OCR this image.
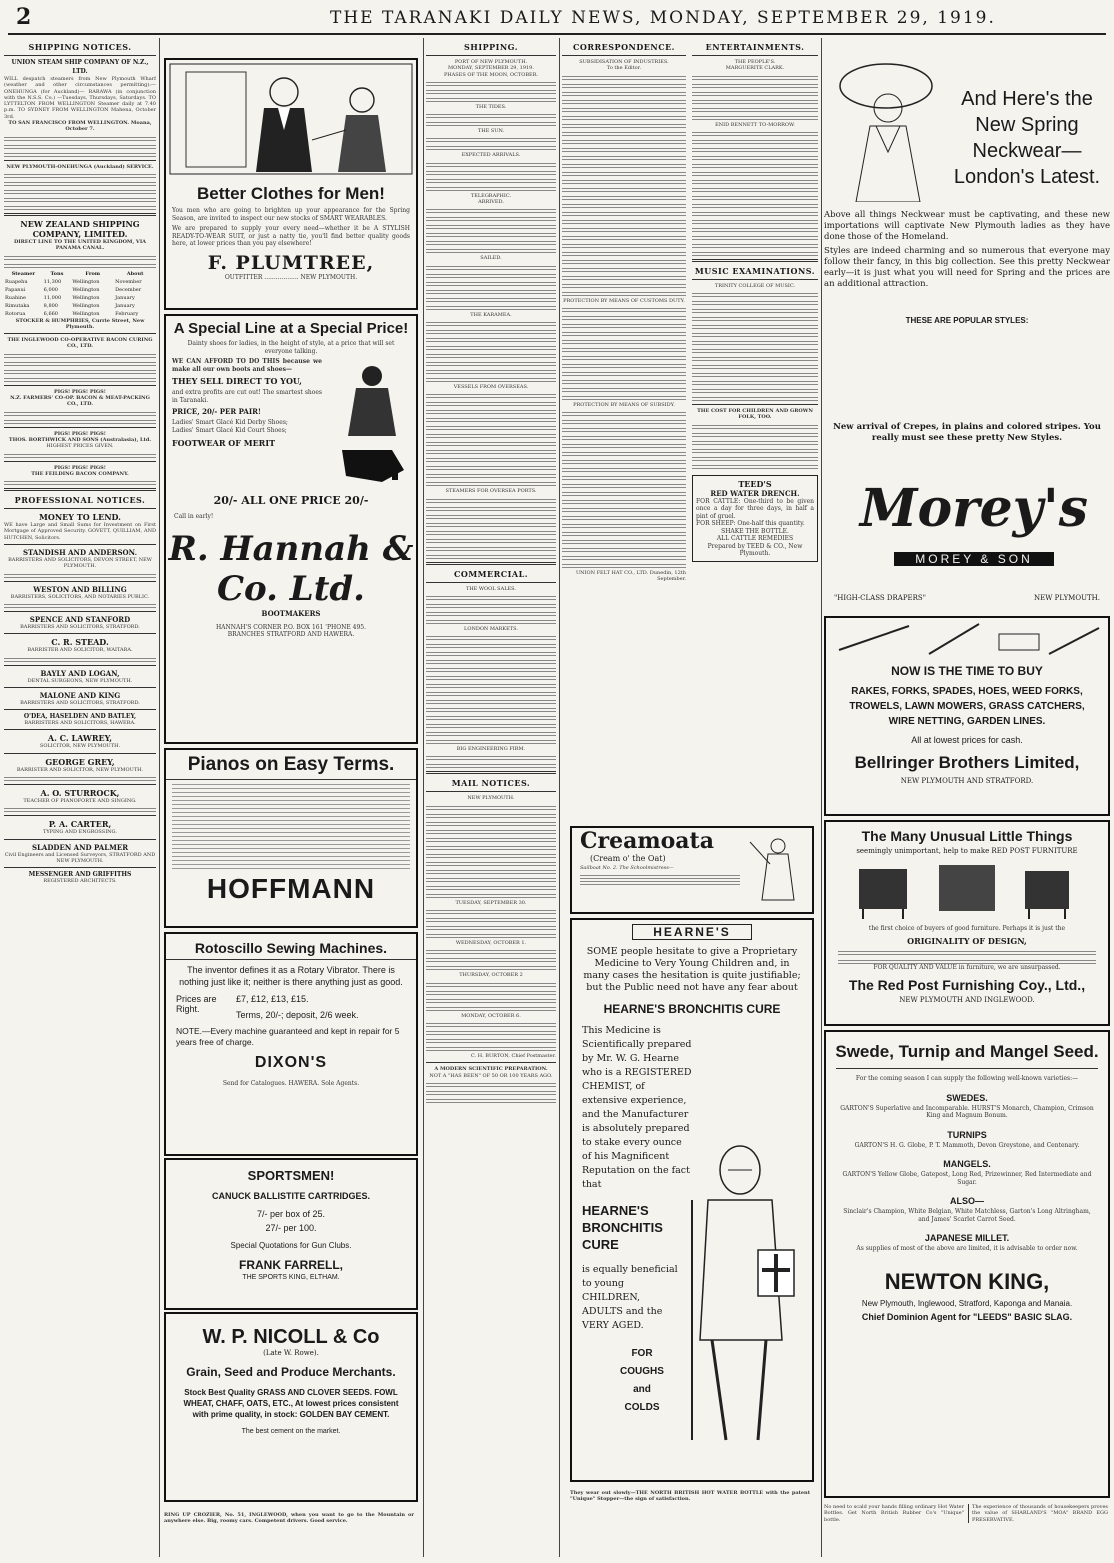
2	THE TARANAKI DAILY NEWS, MONDAY, SEPTEMBER 29, 1919.
SHIPPING NOTICES.
UNION STEAM SHIP COMPANY OF N.Z., LTD.
WILL despatch steamers from New Plymouth Wharf (weather and other circumstances permitting):— ONEHUNGA (for Auckland)— RARAWA (in conjunction with the N.S.S. Co.) —Tuesdays, Thursdays, Saturdays. TO LYTTELTON FROM WELLINGTON Steamer daily at 7.40 p.m. TO SYDNEY FROM WELLINGTON Mahena, October 3rd.
TO SAN FRANCISCO FROM WELLINGTON. Moana, October 7.
NEW PLYMOUTH-ONEHUNGA (Auckland) SERVICE.
NEW ZEALAND SHIPPING COMPANY, LIMITED.
DIRECT LINE TO THE UNITED KINGDOM, VIA PANAMA CANAL.
Steamer	Tons	From	About
Ruapehu	11,300	Wellington	November
Papanui	6,000	Wellington	December
Ruahine	11,000	Wellington	January
Rimutaka	8,800	Wellington	January
Rotorua	6,660	Wellington	February
STOCKER & HUMPHRIES, Currie Street, New Plymouth.
THE INGLEWOOD CO-OPERATIVE BACON CURING CO., LTD.
PIGS! PIGS! PIGS!
N.Z. FARMERS' CO-OP. BACON & MEAT-PACKING CO., LTD.
PIGS! PIGS! PIGS!
THOS. BORTHWICK AND SONS (Australasia), Ltd.
HIGHEST PRICES GIVEN.
PIGS! PIGS! PIGS!
THE FEILDING BACON COMPANY.
PROFESSIONAL NOTICES.
MONEY TO LEND.
WE have Large and Small Sums for Investment on First Mortgage of Approved Security. GOVETT, QUILLIAM, AND HUTCHEN, Solicitors.
STANDISH AND ANDERSON.
BARRISTERS AND SOLICITORS, DEVON STREET, NEW PLYMOUTH.
WESTON AND BILLING
BARRISTERS, SOLICITORS, AND NOTARIES PUBLIC.
SPENCE AND STANFORD
BARRISTERS AND SOLICITORS, STRATFORD.
C. R. STEAD.
BARRISTER AND SOLICITOR, WAITARA.
BAYLY AND LOGAN,
DENTAL SURGEONS, NEW PLYMOUTH.
MALONE AND KING
BARRISTERS AND SOLICITORS, STRATFORD.
O'DEA, HASELDEN AND BATLEY,
BARRISTERS AND SOLICITORS, HAWERA.
A. C. LAWREY,
SOLICITOR, NEW PLYMOUTH.
GEORGE GREY,
BARRISTER AND SOLICITOR, NEW PLYMOUTH.
A. O. STURROCK,
TEACHER OF PIANOFORTE AND SINGING.
P. A. CARTER,
TYPING AND ENGROSSING.
SLADDEN AND PALMER
Civil Engineers and Licensed Surveyors, STRATFORD AND NEW PLYMOUTH.
MESSENGER AND GRIFFITHS
REGISTERED ARCHITECTS.
Better Clothes for Men!
You men who are going to brighten up your appearance for the Spring Season, are invited to inspect our new stocks of SMART WEARABLES.
We are prepared to supply your every need—whether it be A STYLISH READY-TO-WEAR SUIT, or just a natty tie, you'll find better quality goods here, at lower prices than you pay elsewhere!
F. PLUMTREE,
OUTFITTER .................. NEW PLYMOUTH.
A Special Line at a Special Price!
Dainty shoes for ladies, in the height of style, at a price that will set everyone talking.
WE CAN AFFORD TO DO THIS because we make all our own boots and shoes—
THEY SELL DIRECT TO YOU,
and extra profits are cut out! The smartest shoes in Taranaki.
PRICE, 20/- PER PAIR!
Ladies' Smart Glacé Kid Derby Shoes;
Ladies' Smart Glacé Kid Court Shoes;
FOOTWEAR OF MERIT
20/- ALL ONE PRICE 20/-
Call in early!
R. Hannah & Co. Ltd.
BOOTMAKERS
HANNAH'S CORNER P.O. BOX 161 'PHONE 495.
BRANCHES STRATFORD AND HAWERA.
Pianos on Easy Terms.
HOFFMANN
Rotoscillo Sewing Machines.
The inventor defines it as a Rotary Vibrator. There is nothing just like it; neither is there anything just as good.
Prices are Right.
£7, £12, £13, £15.
Terms, 20/-; deposit, 2/6 week.
NOTE.—Every machine guaranteed and kept in repair for 5 years free of charge.
DIXON'S
Send for Catalogues. HAWERA. Sole Agents.
SPORTSMEN!
CANUCK BALLISTITE CARTRIDGES.
7/- per box of 25.
27/- per 100.
Special Quotations for Gun Clubs.
FRANK FARRELL,
THE SPORTS KING, ELTHAM.
W. P. NICOLL & Co
(Late W. Rowe).
Grain, Seed and Produce Merchants.
Stock Best Quality GRASS AND CLOVER SEEDS. FOWL WHEAT, CHAFF, OATS, ETC., At lowest prices consistent with prime quality, in stock: GOLDEN BAY CEMENT.
The best cement on the market.
RING UP CROZIER, No. 51, INGLEWOOD, when you want to go to the Mountain or anywhere else. Big, roomy cars. Competent drivers. Good service.
SHIPPING.
PORT OF NEW PLYMOUTH.
MONDAY, SEPTEMBER 29, 1919.
PHASES OF THE MOON, OCTOBER.
THE TIDES.
THE SUN.
EXPECTED ARRIVALS.
TELEGRAPHIC.
ARRIVED.
SAILED.
THE KARAMEA.
VESSELS FROM OVERSEAS.
STEAMERS FOR OVERSEA PORTS.
COMMERCIAL.
THE WOOL SALES.
LONDON MARKETS.
BIG ENGINEERING FIRM.
MAIL NOTICES.
NEW PLYMOUTH.
TUESDAY, SEPTEMBER 30.
WEDNESDAY, OCTOBER 1.
THURSDAY, OCTOBER 2
MONDAY, OCTOBER 6.
C. H. BURTON, Chief Postmaster.
A MODERN SCIENTIFIC PREPARATION.
NOT A "HAS BEEN" OF 50 OR 100 YEARS AGO.
CORRESPONDENCE.
SUBSIDISATION OF INDUSTRIES.
To the Editor.
PROTECTION BY MEANS OF CUSTOMS DUTY.
PROTECTION BY MEANS OF SUBSIDY.
UNION FELT HAT CO., LTD. Dunedin, 12th September.
ENTERTAINMENTS.
THE PEOPLE'S.
MARGUERITE CLARK.
ENID BENNETT TO-MORROW.
MUSIC EXAMINATIONS.
TRINITY COLLEGE OF MUSIC.
THE COST FOR CHILDREN AND GROWN FOLK, TOO.
TEED'S
RED WATER DRENCH.
FOR CATTLE: One-third to be given once a day for three days, in half a pint of gruel.
FOR SHEEP: One-half this quantity.
SHAKE THE BOTTLE.
ALL CATTLE REMEDIES
Prepared by TEED & CO., New Plymouth.
Creamoata
(Cream o' the Oat)
Sailboat No. 2. The Schoolmistress—
HEARNE'S
SOME people hesitate to give a Proprietary Medicine to Very Young Children and, in many cases the hesitation is quite justifiable; but the Public need not have any fear about
HEARNE'S BRONCHITIS CURE
This Medicine is Scientifically prepared by Mr. W. G. Hearne who is a REGISTERED CHEMIST, of extensive experience, and the Manufacturer is absolutely prepared to stake every ounce of his Magnificent Reputation on the fact that
HEARNE'S BRONCHITIS CURE
is equally beneficial to young CHILDREN, ADULTS and the VERY AGED.
FOR
COUGHS
and
COLDS
They wear out slowly—THE NORTH BRITISH HOT WATER BOTTLE with the patent "Unique" Stopper—the sign of satisfaction.
And Here's the New Spring Neckwear— London's Latest.
Above all things Neckwear must be captivating, and these new importations will captivate New Plymouth ladies as they have done those of the Homeland.
Styles are indeed charming and so numerous that everyone may follow their fancy, in this big collection. See this pretty Neckwear early—it is just what you will need for Spring and the prices are an additional attraction.
THESE ARE POPULAR STYLES:
New arrival of Crepes, in plains and colored stripes. You really must see these pretty New Styles.
Morey's
MOREY & SON
"HIGH-CLASS DRAPERS"	NEW PLYMOUTH.
NOW IS THE TIME TO BUY
RAKES, FORKS, SPADES, HOES, WEED FORKS, TROWELS, LAWN MOWERS, GRASS CATCHERS, WIRE NETTING, GARDEN LINES.
All at lowest prices for cash.
Bellringer Brothers Limited,
NEW PLYMOUTH AND STRATFORD.
The Many Unusual Little Things
seemingly unimportant, help to make RED POST FURNITURE
the first choice of buyers of good furniture. Perhaps it is just the
ORIGINALITY OF DESIGN,
FOR QUALITY AND VALUE in furniture, we are unsurpassed.
The Red Post Furnishing Coy., Ltd.,
NEW PLYMOUTH AND INGLEWOOD.
Swede, Turnip and Mangel Seed.
For the coming season I can supply the following well-known varieties:—
SWEDES.
GARTON'S Superlative and Incomparable. HURST'S Monarch, Champion, Crimson King and Magnum Bonum.
TURNIPS
GARTON'S H. G. Globe, P. T. Mammoth, Devon Greystone, and Centenary.
MANGELS.
GARTON'S Yellow Globe, Gatepost, Long Red, Prizewinner, Red Intermediate and Sugar.
ALSO—
Sinclair's Champion, White Belgian, White Matchless, Garton's Long Altringham, and James' Scarlet Carrot Seed.
JAPANESE MILLET.
As supplies of most of the above are limited, it is advisable to order now.
NEWTON KING,
New Plymouth, Inglewood, Stratford, Kaponga and Manaia.
Chief Dominion Agent for "LEEDS" BASIC SLAG.
No need to scald your hands filling ordinary Hot Water Bottles. Get North British Rubber Co's "Unique" bottle.
The experience of thousands of housekeepers proves the value of SHARLAND'S "MOA" BRAND EGG PRESERVATIVE.
